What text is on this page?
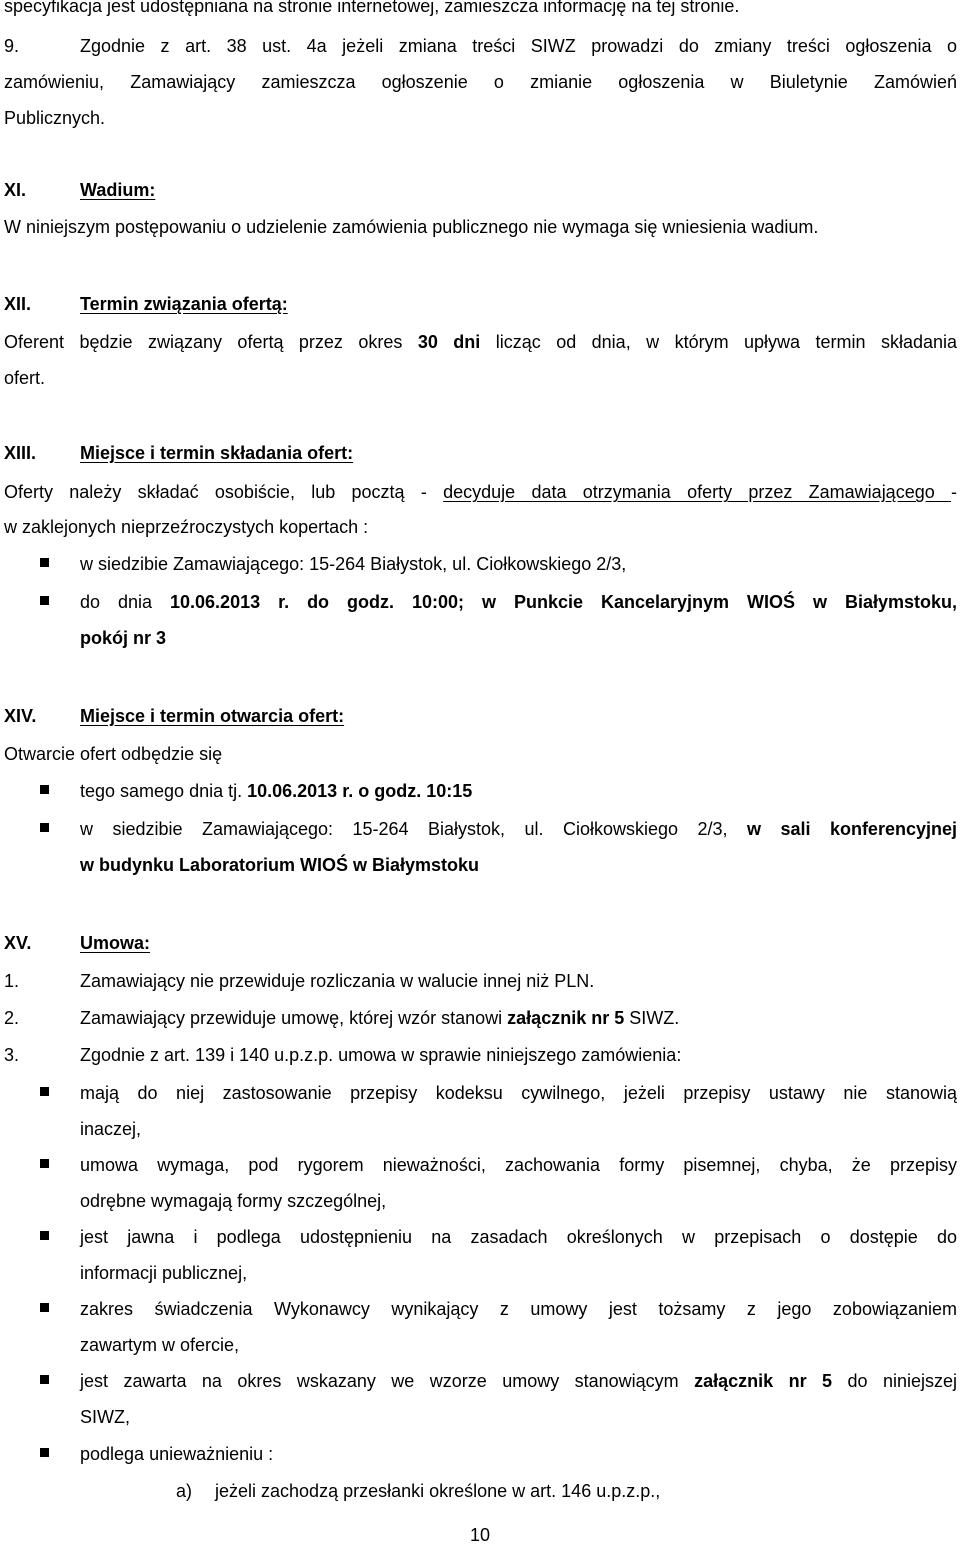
specyfikacja jest udostępniana na stronie internetowej, zamieszcza informację na tej stronie.
9.	Zgodnie z art. 38 ust. 4a jeżeli zmiana treści SIWZ prowadzi do zmiany treści ogłoszenia o
zamówieniu, Zamawiający zamieszcza ogłoszenie o zmianie ogłoszenia w Biuletynie Zamówień
Publicznych.
XI.	Wadium:
W niniejszym postępowaniu o udzielenie zamówienia publicznego nie wymaga się wniesienia wadium.
XII.	Termin związania ofertą:
Oferent będzie związany ofertą przez okres 30 dni licząc od dnia, w którym upływa termin składania
ofert.
XIII. Miejsce i termin składania ofert:
Oferty należy składać osobiście, lub pocztą - decyduje data otrzymania oferty przez Zamawiającego -
w zaklejonych nieprzeźroczystych kopertach :
w siedzibie Zamawiającego: 15-264 Białystok, ul. Ciołkowskiego 2/3,
do dnia 10.06.2013 r. do godz. 10:00; w Punkcie Kancelaryjnym WIOŚ w Białymstoku,
pokój nr 3
XIV. Miejsce i termin otwarcia ofert:
Otwarcie ofert odbędzie się
tego samego dnia tj. 10.06.2013 r. o godz. 10:15
w siedzibie Zamawiającego: 15-264 Białystok, ul. Ciołkowskiego 2/3, w sali konferencyjnej
w budynku Laboratorium WIOŚ w Białymstoku
XV.	Umowa:
1.	Zamawiający nie przewiduje rozliczania w walucie innej niż PLN.
2.	Zamawiający przewiduje umowę, której wzór stanowi załącznik nr 5 SIWZ.
3.	Zgodnie z art. 139 i 140 u.p.z.p. umowa w sprawie niniejszego zamówienia:
mają do niej zastosowanie przepisy kodeksu cywilnego, jeżeli przepisy ustawy nie stanowią
inaczej,
umowa wymaga, pod rygorem nieważności, zachowania formy pisemnej, chyba, że przepisy
odrębne wymagają formy szczególnej,
jest jawna i podlega udostępnieniu na zasadach określonych w przepisach o dostępie do
informacji publicznej,
zakres świadczenia Wykonawcy wynikający z umowy jest tożsamy z jego zobowiązaniem
zawartym w ofercie,
jest zawarta na okres wskazany we wzorze umowy stanowiącym załącznik nr 5 do niniejszej
SIWZ,
podlega unieważnieniu :
a) jeżeli zachodzą przesłanki określone w art. 146 u.p.z.p.,
10
